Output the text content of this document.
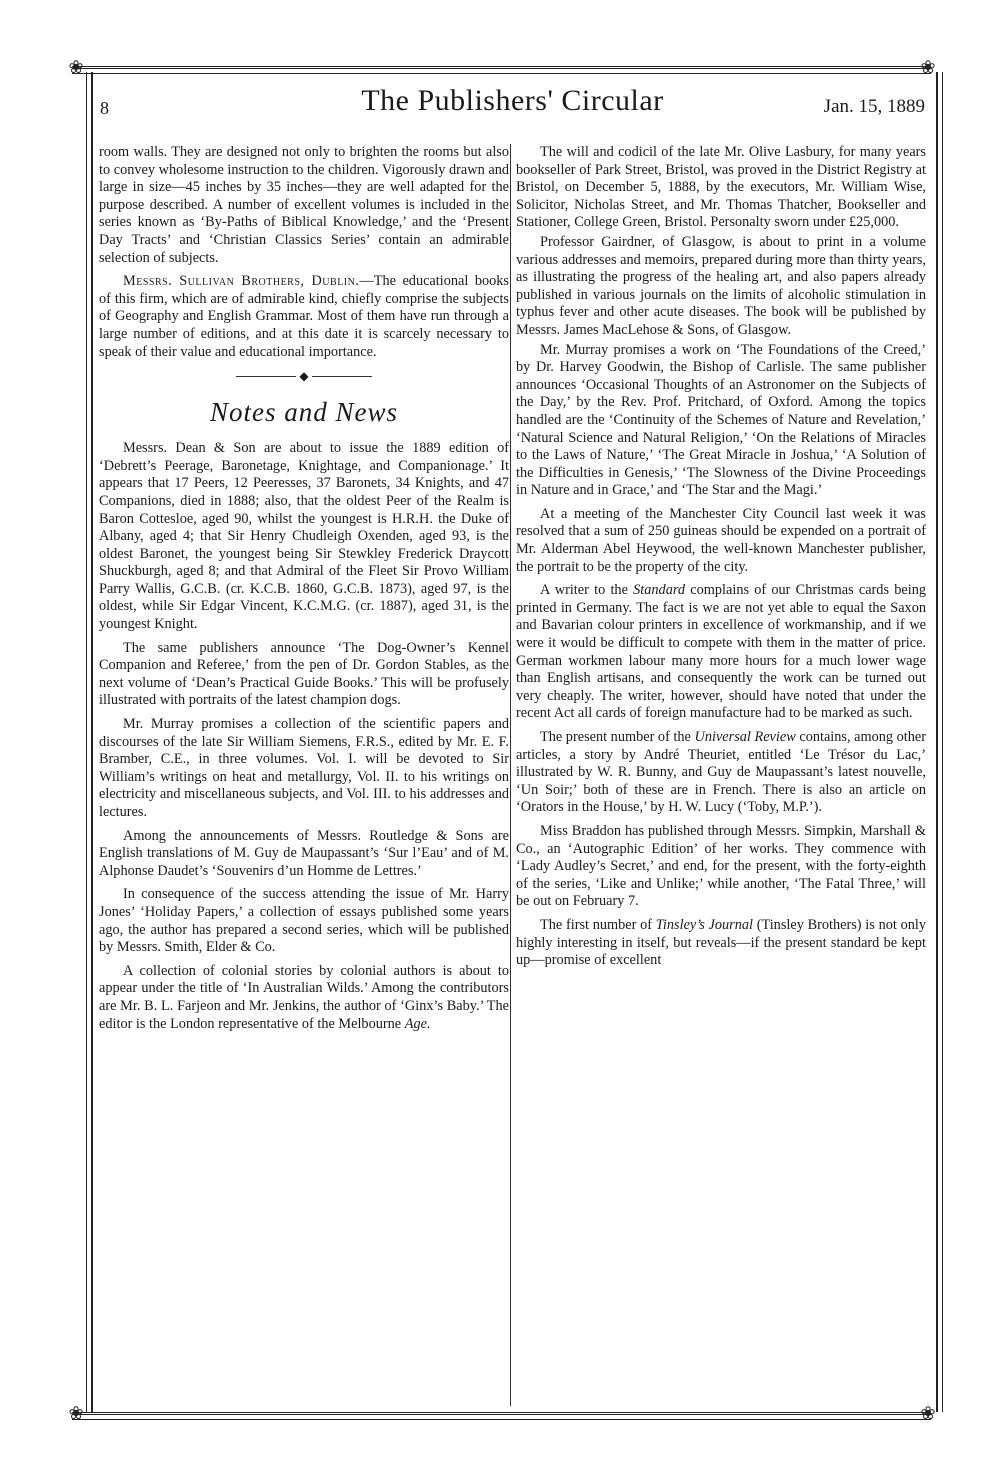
❀	❀
❀	❀
8	The Publishers' Circular	Jan. 15, 1889

room walls. They are designed not only to brighten the rooms but also to convey wholesome instruction to the children. Vigorously drawn and large in size—45 inches by 35 inches—they are well adapted for the purpose described. A number of excellent volumes is included in the series known as ‘By-Paths of Biblical Knowledge,’ and the ‘Present Day Tracts’ and ‘Christian Classics Series’ contain an admirable selection of subjects.

Messrs. Sullivan Brothers, Dublin.—The educational books of this firm, which are of admirable kind, chiefly comprise the subjects of Geography and English Grammar. Most of them have run through a large number of editions, and at this date it is scarcely necessary to speak of their value and educational importance.

◆
Notes and News

Messrs. Dean & Son are about to issue the 1889 edition of ‘Debrett’s Peerage, Baronetage, Knightage, and Companionage.’ It appears that 17 Peers, 12 Peeresses, 37 Baronets, 34 Knights, and 47 Companions, died in 1888; also, that the oldest Peer of the Realm is Baron Cottesloe, aged 90, whilst the youngest is H.R.H. the Duke of Albany, aged 4; that Sir Henry Chudleigh Oxenden, aged 93, is the oldest Baronet, the youngest being Sir Stewkley Frederick Draycott Shuckburgh, aged 8; and that Admiral of the Fleet Sir Provo William Parry Wallis, G.C.B. (cr. K.C.B. 1860, G.C.B. 1873), aged 97, is the oldest, while Sir Edgar Vincent, K.C.M.G. (cr. 1887), aged 31, is the youngest Knight.

The same publishers announce ‘The Dog-Owner’s Kennel Companion and Referee,’ from the pen of Dr. Gordon Stables, as the next volume of ‘Dean’s Practical Guide Books.’ This will be profusely illustrated with portraits of the latest champion dogs.

Mr. Murray promises a collection of the scientific papers and discourses of the late Sir William Siemens, F.R.S., edited by Mr. E. F. Bramber, C.E., in three volumes. Vol. I. will be devoted to Sir William’s writings on heat and metallurgy, Vol. II. to his writings on electricity and miscellaneous subjects, and Vol. III. to his addresses and lectures.

Among the announcements of Messrs. Routledge & Sons are English translations of M. Guy de Maupassant’s ‘Sur l’Eau’ and of M. Alphonse Daudet’s ‘Souvenirs d’un Homme de Lettres.’

In consequence of the success attending the issue of Mr. Harry Jones’ ‘Holiday Papers,’ a collection of essays published some years ago, the author has prepared a second series, which will be published by Messrs. Smith, Elder & Co.

A collection of colonial stories by colonial authors is about to appear under the title of ‘In Australian Wilds.’ Among the contributors are Mr. B. L. Farjeon and Mr. Jenkins, the author of ‘Ginx’s Baby.’ The editor is the London representative of the Melbourne Age.

The will and codicil of the late Mr. Olive Lasbury, for many years bookseller of Park Street, Bristol, was proved in the District Registry at Bristol, on December 5, 1888, by the executors, Mr. William Wise, Solicitor, Nicholas Street, and Mr. Thomas Thatcher, Bookseller and Stationer, College Green, Bristol. Personalty sworn under £25,000.

Professor Gairdner, of Glasgow, is about to print in a volume various addresses and memoirs, prepared during more than thirty years, as illustrating the progress of the healing art, and also papers already published in various journals on the limits of alcoholic stimulation in typhus fever and other acute diseases. The book will be published by Messrs. James MacLehose & Sons, of Glasgow.

Mr. Murray promises a work on ‘The Foundations of the Creed,’ by Dr. Harvey Goodwin, the Bishop of Carlisle. The same publisher announces ‘Occasional Thoughts of an Astronomer on the Subjects of the Day,’ by the Rev. Prof. Pritchard, of Oxford. Among the topics handled are the ‘Continuity of the Schemes of Nature and Revelation,’ ‘Natural Science and Natural Religion,’ ‘On the Relations of Miracles to the Laws of Nature,’ ‘The Great Miracle in Joshua,’ ‘A Solution of the Difficulties in Genesis,’ ‘The Slowness of the Divine Proceedings in Nature and in Grace,’ and ‘The Star and the Magi.’

At a meeting of the Manchester City Council last week it was resolved that a sum of 250 guineas should be expended on a portrait of Mr. Alderman Abel Heywood, the well-known Manchester publisher, the portrait to be the property of the city.

A writer to the Standard complains of our Christmas cards being printed in Germany. The fact is we are not yet able to equal the Saxon and Bavarian colour printers in excellence of workmanship, and if we were it would be difficult to compete with them in the matter of price. German workmen labour many more hours for a much lower wage than English artisans, and consequently the work can be turned out very cheaply. The writer, however, should have noted that under the recent Act all cards of foreign manufacture had to be marked as such.

The present number of the Universal Review contains, among other articles, a story by André Theuriet, entitled ‘Le Trésor du Lac,’ illustrated by W. R. Bunny, and Guy de Maupassant’s latest nouvelle, ‘Un Soir;’ both of these are in French. There is also an article on ‘Orators in the House,’ by H. W. Lucy (‘Toby, M.P.’).

Miss Braddon has published through Messrs. Simpkin, Marshall & Co., an ‘Autographic Edition’ of her works. They commence with ‘Lady Audley’s Secret,’ and end, for the present, with the forty-eighth of the series, ‘Like and Unlike;’ while another, ‘The Fatal Three,’ will be out on February 7.

The first number of Tinsley’s Journal (Tinsley Brothers) is not only highly interesting in itself, but reveals—if the present standard be kept up—promise of excellent
